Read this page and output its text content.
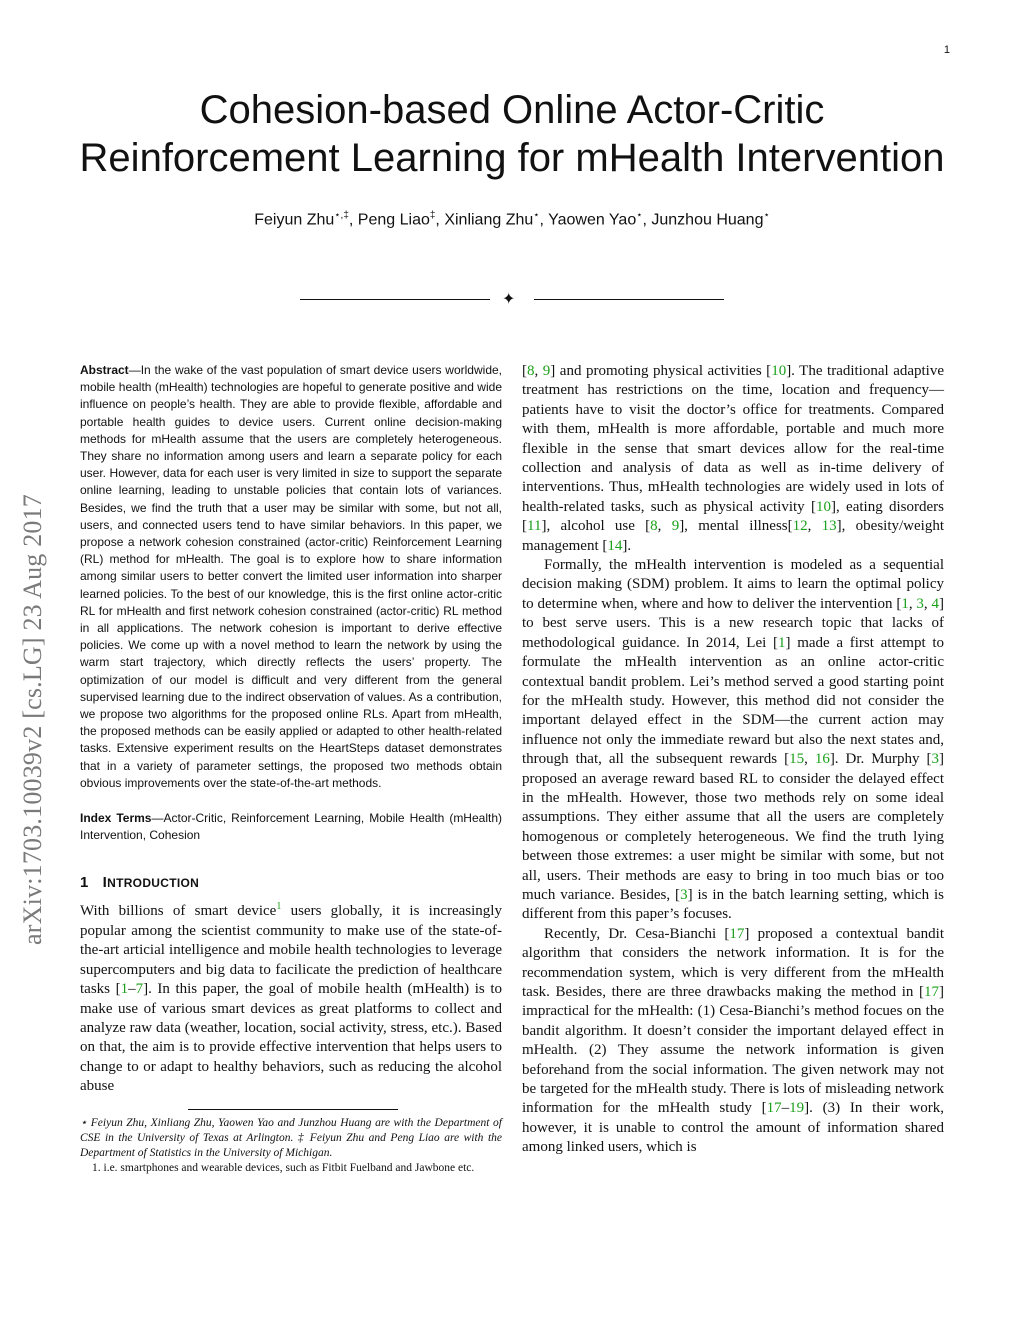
1
Cohesion-based Online Actor-Critic
Reinforcement Learning for mHealth Intervention
Feiyun Zhu⋆,‡, Peng Liao‡, Xinliang Zhu⋆, Yaowen Yao⋆, Junzhou Huang⋆
✦
arXiv:1703.10039v2 [cs.LG] 23 Aug 2017

Abstract—In the wake of the vast population of smart device users worldwide, mobile health (mHealth) technologies are hopeful to generate positive and wide influence on people’s health. They are able to provide flexible, affordable and portable health guides to device users. Current online decision-making methods for mHealth assume that the users are completely heterogeneous. They share no information among users and learn a separate policy for each user. However, data for each user is very limited in size to support the separate online learning, leading to unstable policies that contain lots of variances. Besides, we find the truth that a user may be similar with some, but not all, users, and connected users tend to have similar behaviors. In this paper, we propose a network cohesion constrained (actor-critic) Reinforcement Learning (RL) method for mHealth. The goal is to explore how to share information among similar users to better convert the limited user information into sharper learned policies. To the best of our knowledge, this is the first online actor-critic RL for mHealth and first network cohesion constrained (actor-critic) RL method in all applications. The network cohesion is important to derive effective policies. We come up with a novel method to learn the network by using the warm start trajectory, which directly reflects the users’ property. The optimization of our model is difficult and very different from the general supervised learning due to the indirect observation of values. As a contribution, we propose two algorithms for the proposed online RLs. Apart from mHealth, the proposed methods can be easily applied or adapted to other health-related tasks. Extensive experiment results on the HeartSteps dataset demonstrates that in a variety of parameter settings, the proposed two methods obtain obvious improvements over the state-of-the-art methods.

Index Terms—Actor-Critic, Reinforcement Learning, Mobile Health (mHealth) Intervention, Cohesion

1 INTRODUCTION

With billions of smart device$^1$ users globally, it is increasingly popular among the scientist community to make use of the state-of-the-art articial intelligence and mobile health technologies to leverage supercomputers and big data to facilicate the prediction of healthcare tasks [1–7]. In this paper, the goal of mobile health (mHealth) is to make use of various smart devices as great platforms to collect and analyze raw data (weather, location, social activity, stress, etc.). Based on that, the aim is to provide effective intervention that helps users to change to or adapt to healthy behaviors, such as reducing the alcohol abuse

⋆ Feiyun Zhu, Xinliang Zhu, Yaowen Yao and Junzhou Huang are with the Department of CSE in the University of Texas at Arlington. ‡ Feiyun Zhu and Peng Liao are with the Department of Statistics in the University of Michigan.

1. i.e. smartphones and wearable devices, such as Fitbit Fuelband and Jawbone etc.

[8, 9] and promoting physical activities [10]. The traditional adaptive treatment has restrictions on the time, location and frequency—patients have to visit the doctor’s office for treatments. Compared with them, mHealth is more affordable, portable and much more flexible in the sense that smart devices allow for the real-time collection and analysis of data as well as in-time delivery of interventions. Thus, mHealth technologies are widely used in lots of health-related tasks, such as physical activity [10], eating disorders [11], alcohol use [8, 9], mental illness[12, 13], obesity/weight management [14].

Formally, the mHealth intervention is modeled as a sequential decision making (SDM) problem. It aims to learn the optimal policy to determine when, where and how to deliver the intervention [1, 3, 4] to best serve users. This is a new research topic that lacks of methodological guidance. In 2014, Lei [1] made a first attempt to formulate the mHealth intervention as an online actor-critic contextual bandit problem. Lei’s method served a good starting point for the mHealth study. However, this method did not consider the important delayed effect in the SDM—the current action may influence not only the immediate reward but also the next states and, through that, all the subsequent rewards [15, 16]. Dr. Murphy [3] proposed an average reward based RL to consider the delayed effect in the mHealth. However, those two methods rely on some ideal assumptions. They either assume that all the users are completely homogenous or completely heterogeneous. We find the truth lying between those extremes: a user might be similar with some, but not all, users. Their methods are easy to bring in too much bias or too much variance. Besides, [3] is in the batch learning setting, which is different from this paper’s focuses.

Recently, Dr. Cesa-Bianchi [17] proposed a contextual bandit algorithm that considers the network information. It is for the recommendation system, which is very different from the mHealth task. Besides, there are three drawbacks making the method in [17] impractical for the mHealth: (1) Cesa-Bianchi’s method focues on the bandit algorithm. It doesn’t consider the important delayed effect in mHealth. (2) They assume the network information is given beforehand from the social information. The given network may not be targeted for the mHealth study. There is lots of misleading network information for the mHealth study [17–19]. (3) In their work, however, it is unable to control the amount of information shared among linked users, which is
